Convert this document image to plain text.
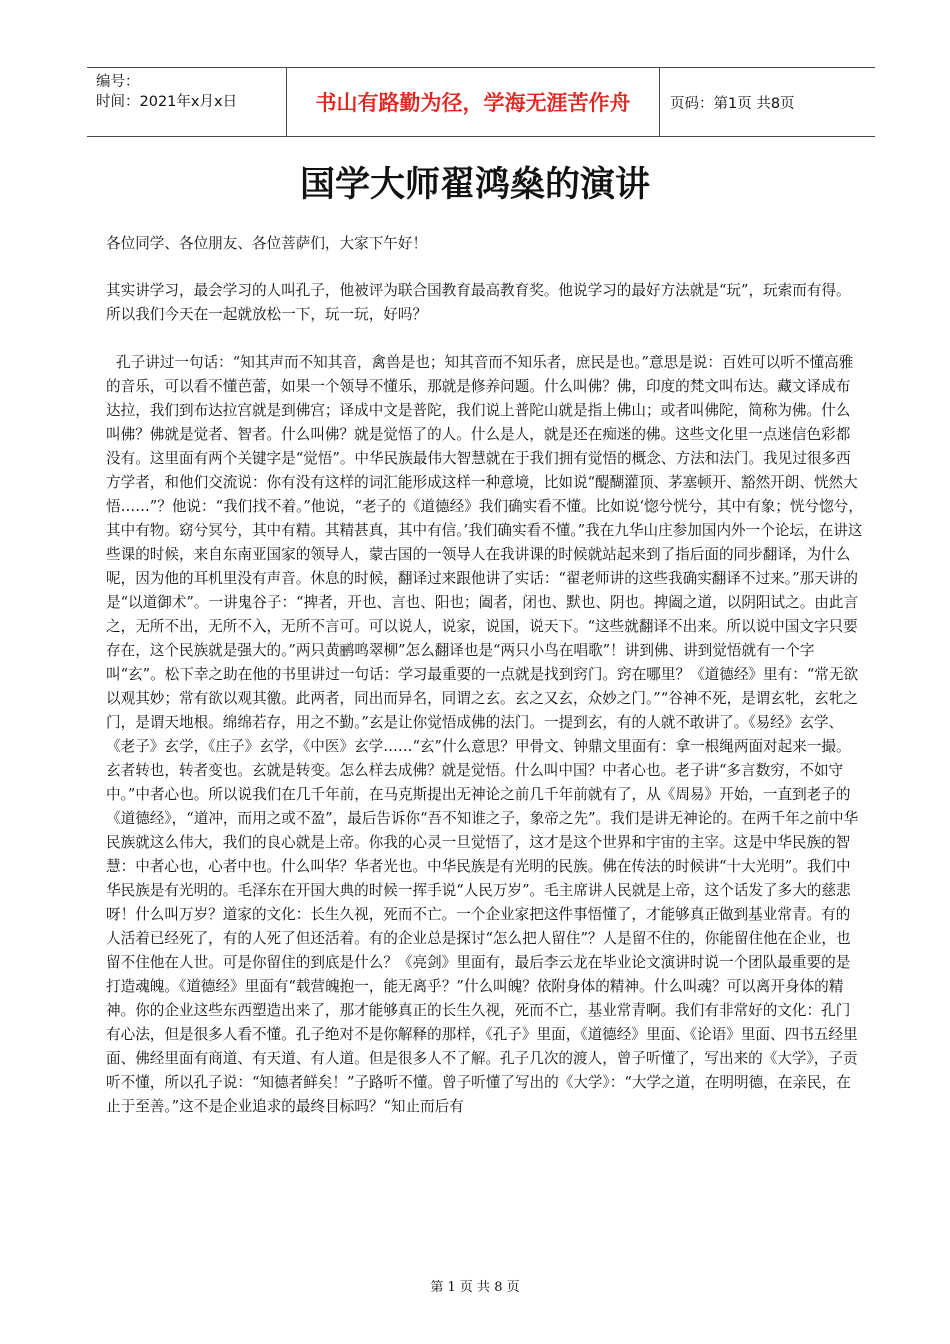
编号：
时间：2021年x月x日	书山有路勤为径，学海无涯苦作舟	页码：第1页 共8页
国学大师翟鸿燊的演讲

各位同学、各位朋友、各位菩萨们，大家下午好！

其实讲学习，最会学习的人叫孔子，他被评为联合国教育最高教育奖。他说学习的最好方法就是“玩”，玩索而有得。所以我们今天在一起就放松一下，玩一玩，好吗？

孔子讲过一句话：“知其声而不知其音，禽兽是也；知其音而不知乐者，庶民是也。”意思是说：百姓可以听不懂高雅的音乐，可以看不懂芭蕾，如果一个领导不懂乐，那就是修养问题。什么叫佛？佛，印度的梵文叫布达。藏文译成布达拉，我们到布达拉宫就是到佛宫；译成中文是普陀，我们说上普陀山就是指上佛山；或者叫佛陀，简称为佛。什么叫佛？佛就是觉者、智者。什么叫佛？就是觉悟了的人。什么是人，就是还在痴迷的佛。这些文化里一点迷信色彩都没有。这里面有两个关键字是“觉悟”。中华民族最伟大智慧就在于我们拥有觉悟的概念、方法和法门。我见过很多西方学者，和他们交流说：你有没有这样的词汇能形成这样一种意境，比如说“醍醐灌顶、茅塞顿开、豁然开朗、恍然大悟……”？他说：“我们找不着。”他说，“老子的《道德经》我们确实看不懂。比如说‘惚兮恍兮，其中有象；恍兮惚兮，其中有物。窈兮冥兮，其中有精。其精甚真，其中有信。’我们确实看不懂。”我在九华山庄参加国内外一个论坛，在讲这些课的时候，来自东南亚国家的领导人，蒙古国的一领导人在我讲课的时候就站起来到了指后面的同步翻译，为什么呢，因为他的耳机里没有声音。休息的时候，翻译过来跟他讲了实话：“翟老师讲的这些我确实翻译不过来。”那天讲的是“以道御术”。一讲鬼谷子：“捭者，开也、言也、阳也；阖者，闭也、默也、阴也。捭阖之道，以阴阳试之。由此言之，无所不出，无所不入，无所不言可。可以说人，说家，说国，说天下。“这些就翻译不出来。所以说中国文字只要存在，这个民族就是强大的。”两只黄鹂鸣翠柳”怎么翻译也是“两只小鸟在唱歌”！讲到佛、讲到觉悟就有一个字叫“玄”。松下幸之助在他的书里讲过一句话：学习最重要的一点就是找到窍门。窍在哪里？《道德经》里有：“常无欲以观其妙；常有欲以观其徼。此两者，同出而异名，同谓之玄。玄之又玄，众妙之门。”“谷神不死，是谓玄牝，玄牝之门，是谓天地根。绵绵若存，用之不勤。”玄是让你觉悟成佛的法门。一提到玄，有的人就不敢讲了。《易经》玄学、《老子》玄学，《庄子》玄学，《中医》玄学……“玄”什么意思？甲骨文、钟鼎文里面有：拿一根绳两面对起来一撮。玄者转也，转者变也。玄就是转变。怎么样去成佛？就是觉悟。什么叫中国？中者心也。老子讲“多言数穷，不如守中。”中者心也。所以说我们在几千年前，在马克斯提出无神论之前几千年前就有了，从《周易》开始，一直到老子的《道德经》，“道冲，而用之或不盈”，最后告诉你“吾不知谁之子，象帝之先”。我们是讲无神论的。在两千年之前中华民族就这么伟大，我们的良心就是上帝。你我的心灵一旦觉悟了，这才是这个世界和宇宙的主宰。这是中华民族的智慧：中者心也，心者中也。什么叫华？华者光也。中华民族是有光明的民族。佛在传法的时候讲“十大光明”。我们中华民族是有光明的。毛泽东在开国大典的时候一挥手说“人民万岁”。毛主席讲人民就是上帝，这个话发了多大的慈悲呀！什么叫万岁？道家的文化：长生久视，死而不亡。一个企业家把这件事悟懂了，才能够真正做到基业常青。有的人活着已经死了，有的人死了但还活着。有的企业总是探讨“怎么把人留住”？人是留不住的，你能留住他在企业，也留不住他在人世。可是你留住的到底是什么？《亮剑》里面有，最后李云龙在毕业论文演讲时说一个团队最重要的是打造魂魄。《道德经》里面有“载营魄抱一，能无离乎？”什么叫魄？依附身体的精神。什么叫魂？可以离开身体的精神。你的企业这些东西塑造出来了，那才能够真正的长生久视，死而不亡，基业常青啊。我们有非常好的文化：孔门有心法，但是很多人看不懂。孔子绝对不是你解释的那样，《孔子》里面，《道德经》里面、《论语》里面、四书五经里面、佛经里面有商道、有天道、有人道。但是很多人不了解。孔子几次的渡人，曾子听懂了，写出来的《大学》，子贡听不懂，所以孔子说：“知德者鲜矣！”子路听不懂。曾子听懂了写出的《大学》：“大学之道，在明明德，在亲民，在止于至善。”这不是企业追求的最终目标吗？“知止而后有

第 1 页 共 8 页
